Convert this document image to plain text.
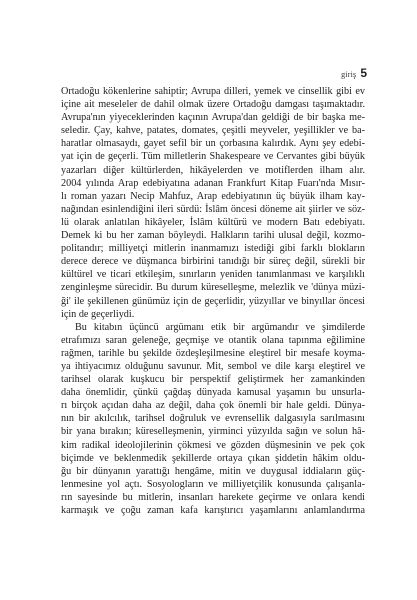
giriş 5
Ortadoğu kökenlerine sahiptir; Avrupa dilleri, yemek ve cinsellik gibi ev
içine ait meseleler de dahil olmak üzere Ortadoğu damgası taşımaktadır.
Avrupa'nın yiyeceklerinden kaçının Avrupa'dan geldiği de bir başka me-
seledir. Çay, kahve, patates, domates, çeşitli meyveler, yeşillikler ve ba-
haratlar olmasaydı, gayet sefil bir un çorbasına kalırdık. Aynı şey edebi-
yat için de geçerli. Tüm milletlerin Shakespeare ve Cervantes gibi büyük
yazarları diğer kültürlerden, hikâyelerden ve motiflerden ilham alır.
2004 yılında Arap edebiyatına adanan Frankfurt Kitap Fuarı'nda Mısır-
lı roman yazarı Necip Mahfuz, Arap edebiyatının üç büyük ilham kay-
nağından esinlendiğini ileri sürdü: İslâm öncesi döneme ait şiirler ve söz-
lü olarak anlatılan hikâyeler, İslâm kültürü ve modern Batı edebiyatı.
Demek ki bu her zaman böyleydi. Halkların tarihi ulusal değil, kozmo-
politandır; milliyetçi mitlerin inanmamızı istediği gibi farklı blokların
derece derece ve düşmanca birbirini tanıdığı bir süreç değil, sürekli bir
kültürel ve ticari etkileşim, sınırların yeniden tanımlanması ve karşılıklı
zenginleşme sürecidir. Bu durum küreselleşme, melezlik ve 'dünya müzi-
ği' ile şekillenen günümüz için de geçerlidir, yüzyıllar ve binyıllar öncesi
için de geçerliydi.
Bu kitabın üçüncü argümanı etik bir argümandır ve şimdilerde
etrafımızı saran geleneğe, geçmişe ve otantik olana tapınma eğilimine
rağmen, tarihle bu şekilde özdeşleşilmesine eleştirel bir mesafe koyma-
ya ihtiyacımız olduğunu savunur. Mit, sembol ve dile karşı eleştirel ve
tarihsel olarak kuşkucu bir perspektif geliştirmek her zamankinden
daha önemlidir, çünkü çağdaş dünyada kamusal yaşamın bu unsurla-
rı birçok açıdan daha az değil, daha çok önemli bir hale geldi. Dünya-
nın bir akılcılık, tarihsel doğruluk ve evrensellik dalgasıyla sarılmasını
bir yana bırakın; küreselleşmenin, yirminci yüzyılda sağın ve solun hâ-
kim radikal ideolojilerinin çökmesi ve gözden düşmesinin ve pek çok
biçimde ve beklenmedik şekillerde ortaya çıkan şiddetin hâkim oldu-
ğu bir dünyanın yarattığı hengâme, mitin ve duygusal iddiaların güç-
lenmesine yol açtı. Sosyologların ve milliyetçilik konusunda çalışanla-
rın sayesinde bu mitlerin, insanları harekete geçirme ve onlara kendi
karmaşık ve çoğu zaman kafa karıştırıcı yaşamlarını anlamlandırma
